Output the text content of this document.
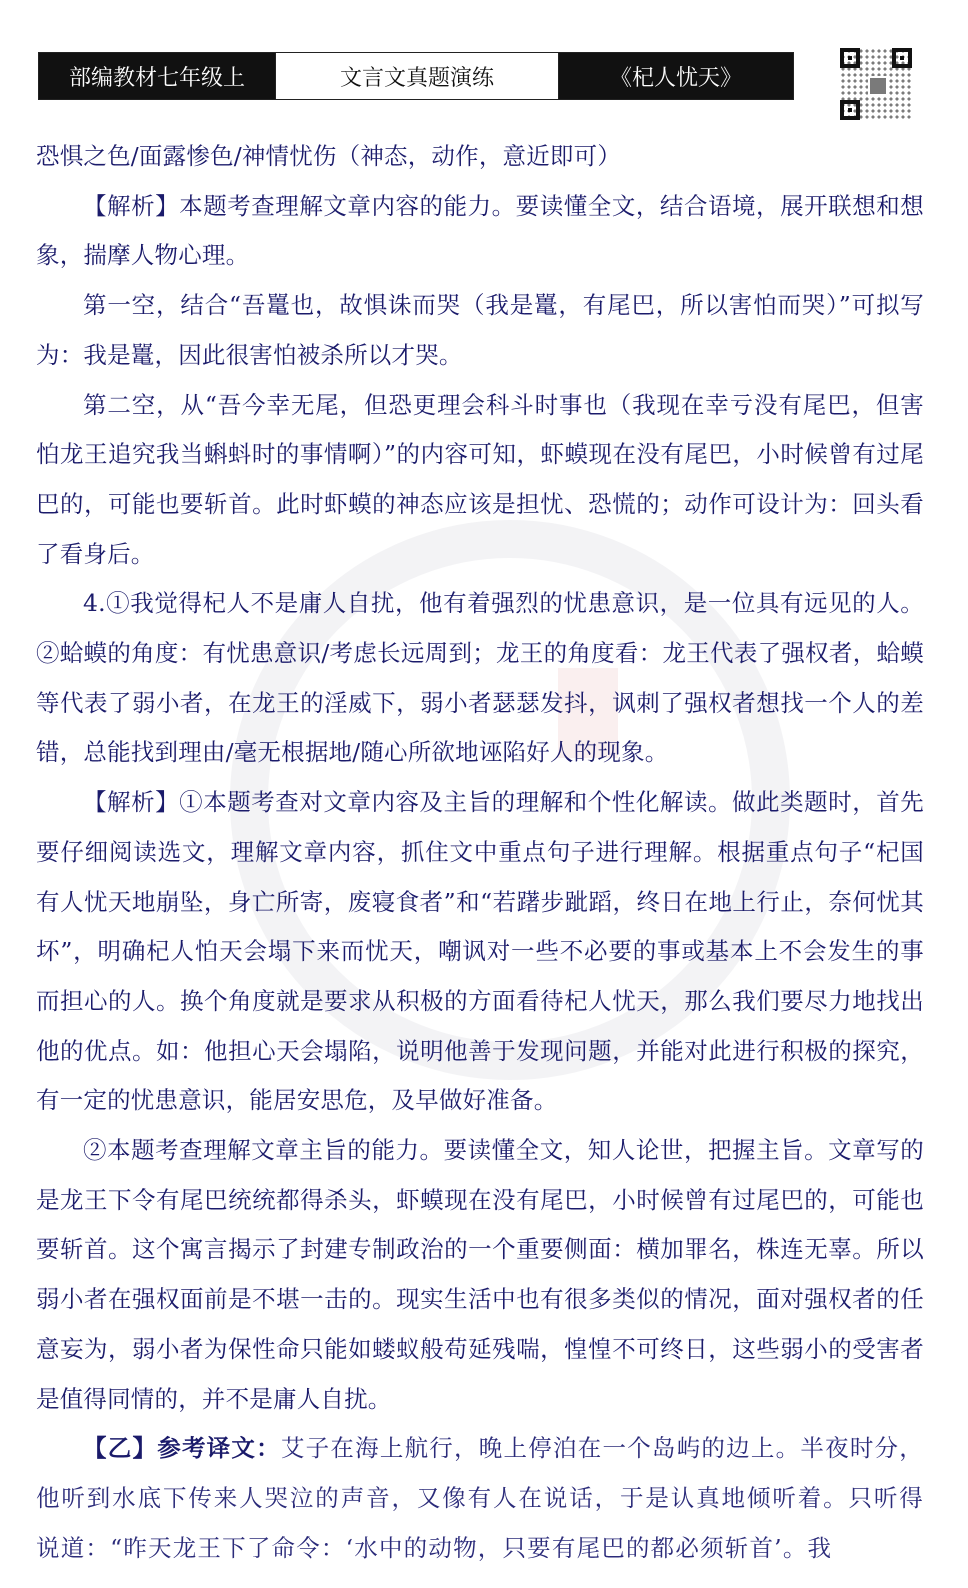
部编教材七年级上	文言文真题演练	《杞人忧天》

恐惧之色/面露惨色/神情忧伤（神态，动作，意近即可）

【解析】本题考查理解文章内容的能力。要读懂全文，结合语境，展开联想和想象，揣摩人物心理。

第一空，结合“吾鼍也，故惧诛而哭（我是鼍，有尾巴，所以害怕而哭）”可拟写为：我是鼍，因此很害怕被杀所以才哭。

第二空，从“吾今幸无尾，但恐更理会科斗时事也（我现在幸亏没有尾巴，但害怕龙王追究我当蝌蚪时的事情啊）”的内容可知，虾蟆现在没有尾巴，小时候曾有过尾巴的，可能也要斩首。此时虾蟆的神态应该是担忧、恐慌的；动作可设计为：回头看了看身后。

4.①我觉得杞人不是庸人自扰，他有着强烈的忧患意识，是一位具有远见的人。②蛤蟆的角度：有忧患意识/考虑长远周到；龙王的角度看：龙王代表了强权者，蛤蟆等代表了弱小者，在龙王的淫威下，弱小者瑟瑟发抖，讽刺了强权者想找一个人的差错，总能找到理由/毫无根据地/随心所欲地诬陷好人的现象。

【解析】①本题考查对文章内容及主旨的理解和个性化解读。做此类题时，首先要仔细阅读选文，理解文章内容，抓住文中重点句子进行理解。根据重点句子“杞国有人忧天地崩坠，身亡所寄，废寝食者”和“若躇步跐蹈，终日在地上行止，奈何忧其坏”，明确杞人怕天会塌下来而忧天，嘲讽对一些不必要的事或基本上不会发生的事而担心的人。换个角度就是要求从积极的方面看待杞人忧天，那么我们要尽力地找出他的优点。如：他担心天会塌陷，说明他善于发现问题，并能对此进行积极的探究，有一定的忧患意识，能居安思危，及早做好准备。

②本题考查理解文章主旨的能力。要读懂全文，知人论世，把握主旨。文章写的是龙王下令有尾巴统统都得杀头，虾蟆现在没有尾巴，小时候曾有过尾巴的，可能也要斩首。这个寓言揭示了封建专制政治的一个重要侧面：横加罪名，株连无辜。所以弱小者在强权面前是不堪一击的。现实生活中也有很多类似的情况，面对强权者的任意妄为，弱小者为保性命只能如蝼蚁般苟延残喘，惶惶不可终日，这些弱小的受害者是值得同情的，并不是庸人自扰。

【乙】参考译文：艾子在海上航行，晚上停泊在一个岛屿的边上。半夜时分，他听到水底下传来人哭泣的声音，又像有人在说话，于是认真地倾听着。只听得说道：“昨天龙王下了命令：‘水中的动物，只要有尾巴的都必须斩首’。我
